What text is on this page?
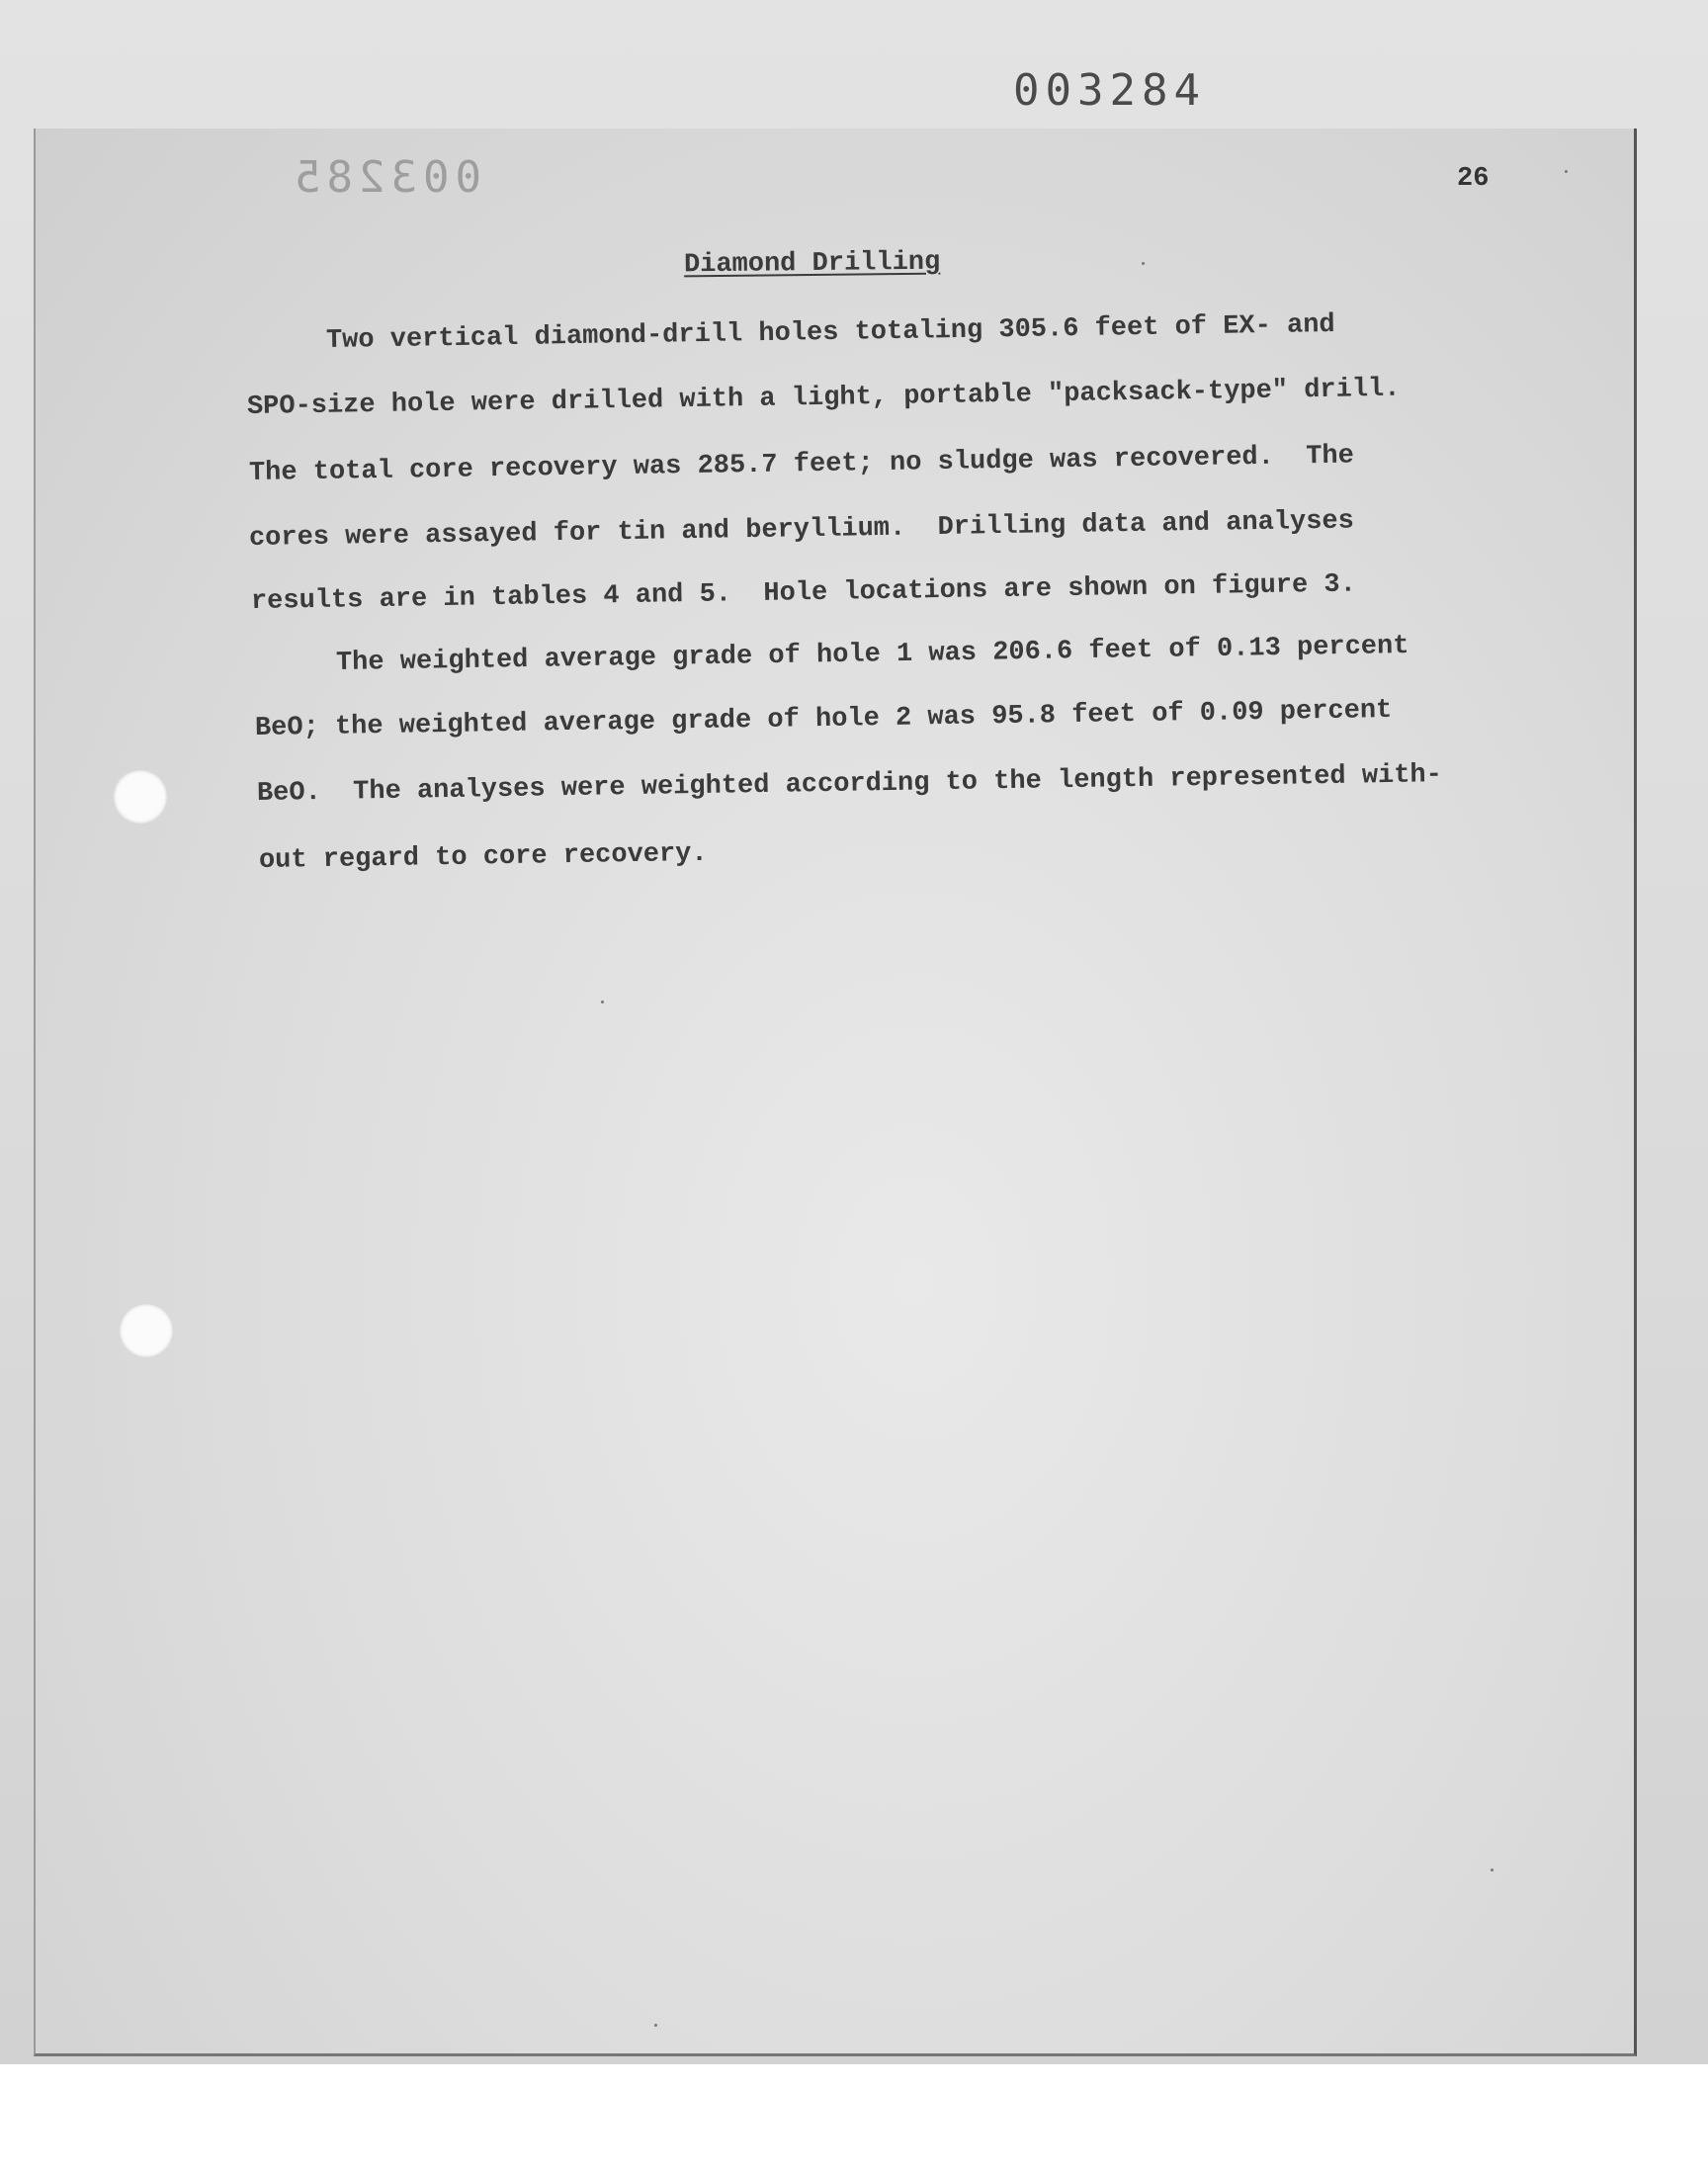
003284
003285	26
Diamond Drilling
Two vertical diamond-drill holes totaling 305.6 feet of EX- and
SPO-size hole were drilled with a light, portable "packsack-type" drill.
The total core recovery was 285.7 feet; no sludge was recovered.  The
cores were assayed for tin and beryllium.  Drilling data and analyses
results are in tables 4 and 5.  Hole locations are shown on figure 3.
The weighted average grade of hole 1 was 206.6 feet of 0.13 percent
BeO; the weighted average grade of hole 2 was 95.8 feet of 0.09 percent
BeO.  The analyses were weighted according to the length represented with-
out regard to core recovery.
